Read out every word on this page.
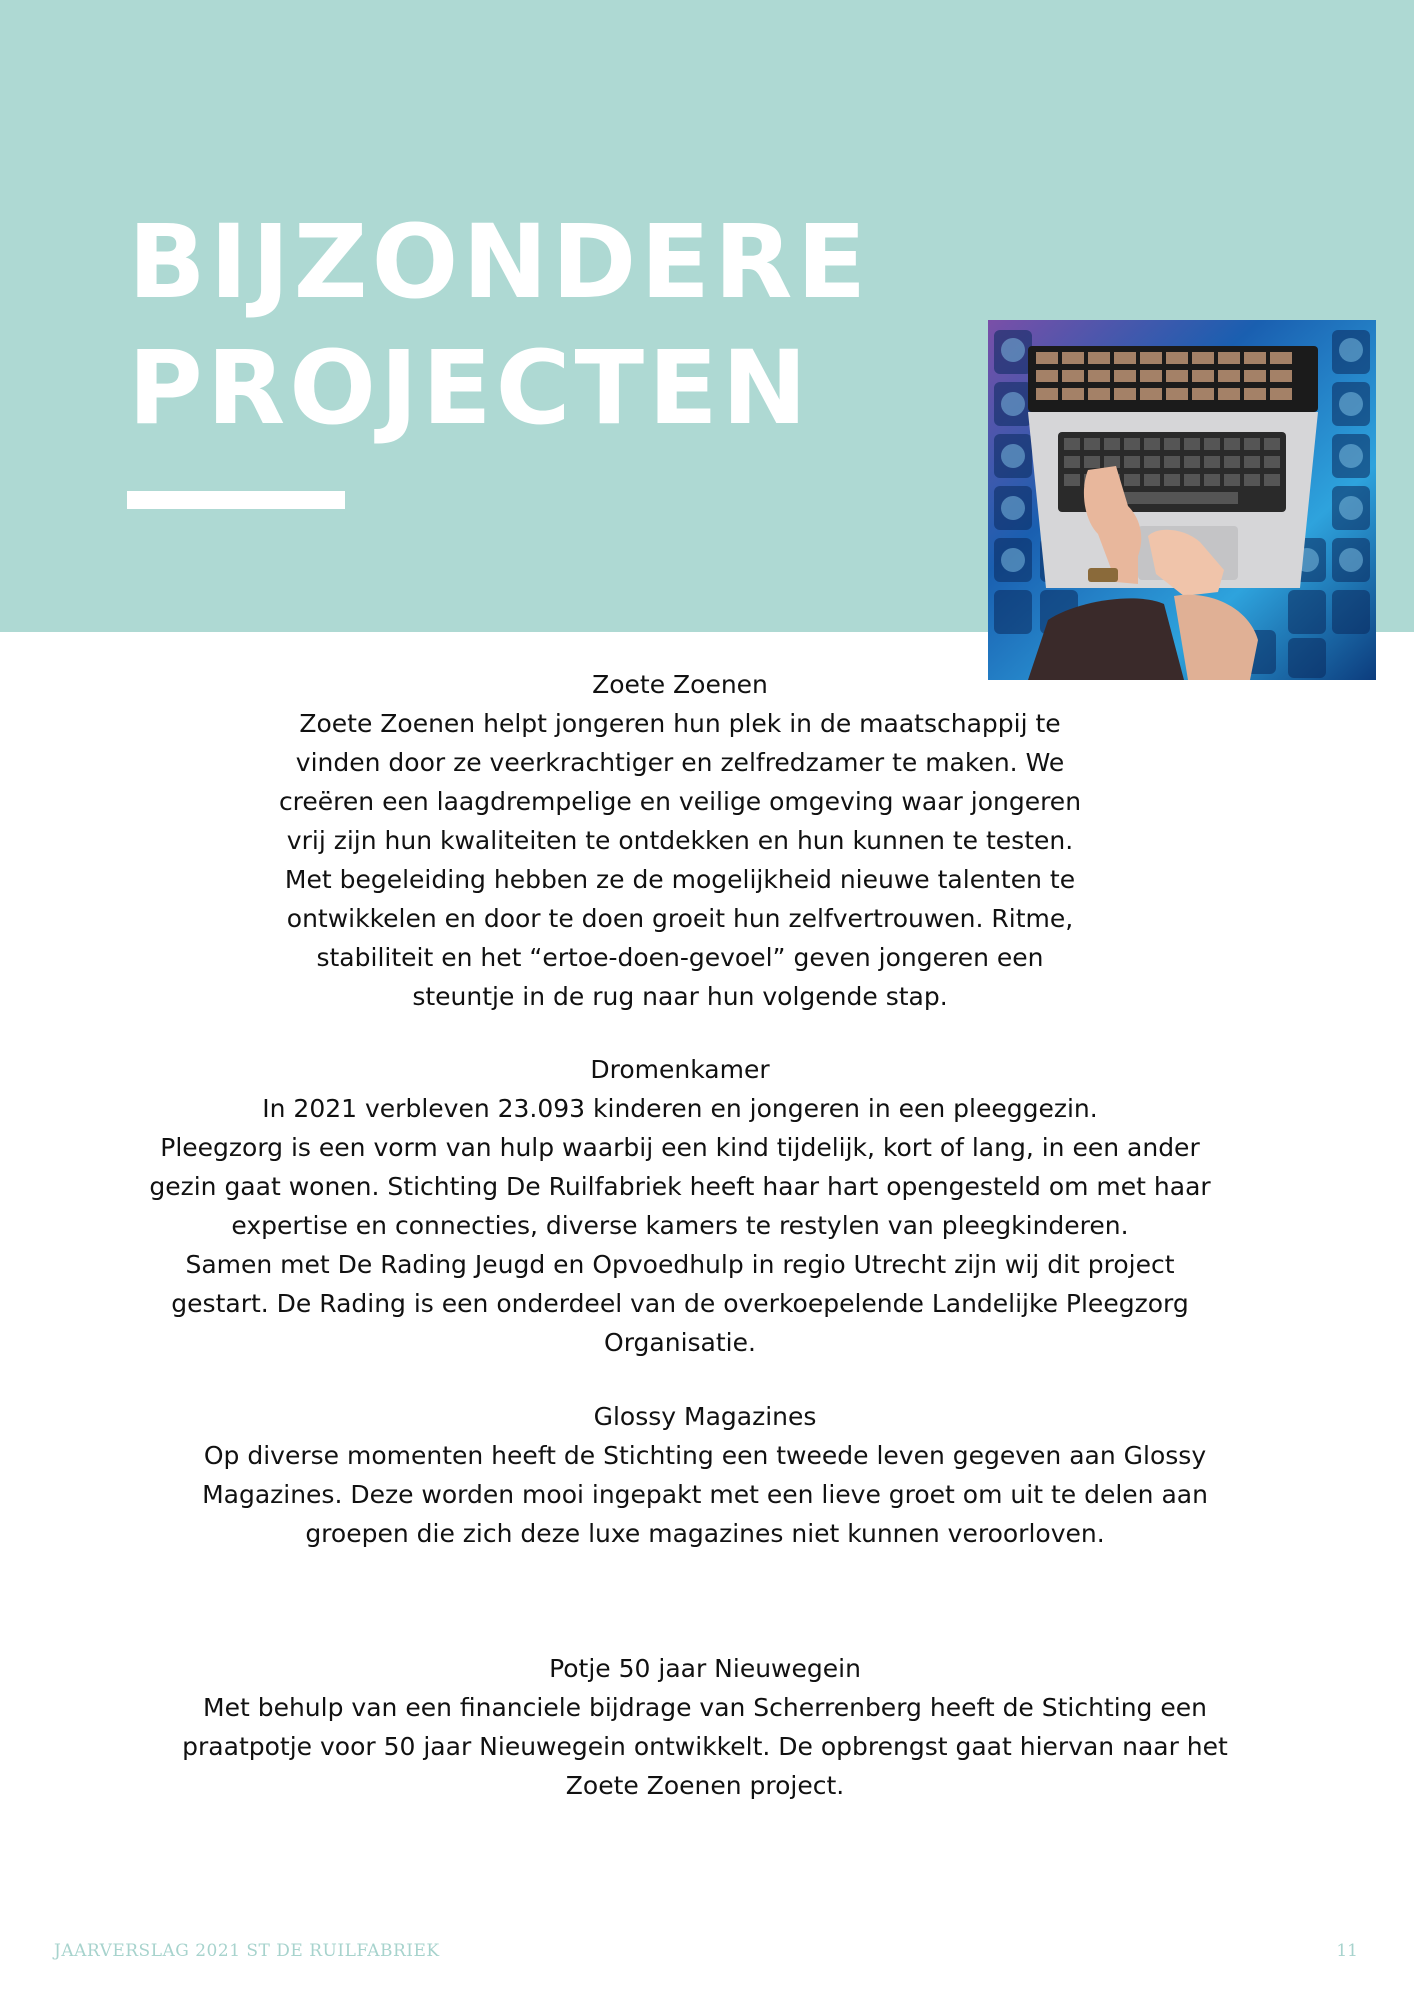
BIJZONDERE
PROJECTEN
Zoete Zoenen

Zoete Zoenen helpt jongeren hun plek in de maatschappij te
vinden door ze veerkrachtiger en zelfredzamer te maken. We
creëren een laagdrempelige en veilige omgeving waar jongeren
vrij zijn hun kwaliteiten te ontdekken en hun kunnen te testen.
Met begeleiding hebben ze de mogelijkheid nieuwe talenten te
ontwikkelen en door te doen groeit hun zelfvertrouwen. Ritme,
stabiliteit en het “ertoe-doen-gevoel” geven jongeren een
steuntje in de rug naar hun volgende stap.

Dromenkamer

In 2021 verbleven 23.093 kinderen en jongeren in een pleeggezin.
Pleegzorg is een vorm van hulp waarbij een kind tijdelijk, kort of lang, in een ander
gezin gaat wonen. Stichting De Ruilfabriek heeft haar hart opengesteld om met haar
expertise en connecties, diverse kamers te restylen van pleegkinderen.
Samen met De Rading Jeugd en Opvoedhulp in regio Utrecht zijn wij dit project
gestart. De Rading is een onderdeel van de overkoepelende Landelijke Pleegzorg
Organisatie.

Glossy Magazines

Op diverse momenten heeft de Stichting een tweede leven gegeven aan Glossy
Magazines. Deze worden mooi ingepakt met een lieve groet om uit te delen aan
groepen die zich deze luxe magazines niet kunnen veroorloven.

Potje 50 jaar Nieuwegein

Met behulp van een financiele bijdrage van Scherrenberg heeft de Stichting een
praatpotje voor 50 jaar Nieuwegein ontwikkelt. De opbrengst gaat hiervan naar het
Zoete Zoenen project.

JAARVERSLAG 2021 ST DE RUILFABRIEK	11
